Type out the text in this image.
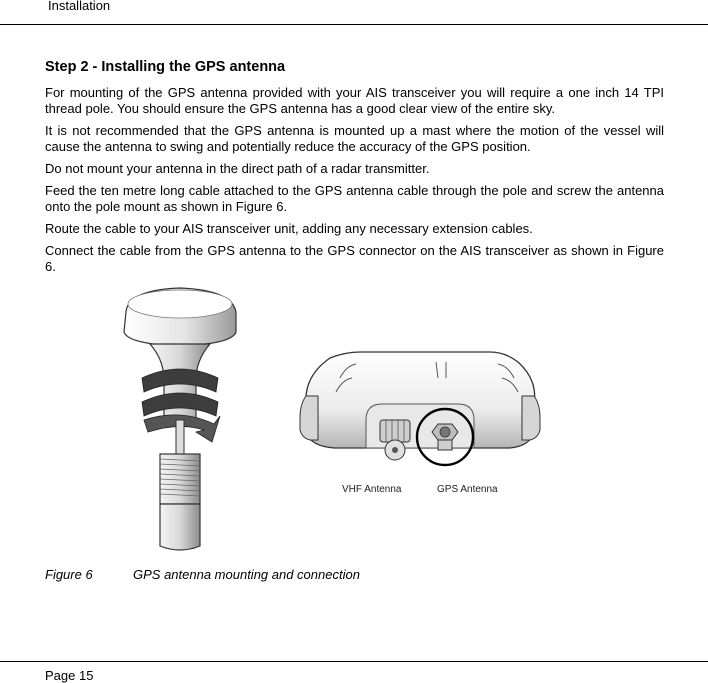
Installation
Step 2 - Installing the GPS antenna

For mounting of the GPS antenna provided with your AIS transceiver you will require a one inch 14 TPI thread pole. You should ensure the GPS antenna has a good clear view of the entire sky.

It is not recommended that the GPS antenna is mounted up a mast where the motion of the vessel will cause the antenna to swing and potentially reduce the accuracy of the GPS position.

Do not mount your antenna in the direct path of a radar transmitter.

Feed the ten metre long cable attached to the GPS antenna cable through the pole and screw the antenna onto the pole mount as shown in Figure 6.

Route the cable to your AIS transceiver unit, adding any necessary extension cables.

Connect the cable from the GPS antenna to the GPS connector on the AIS transceiver as shown in Figure 6.

VHF Antenna	GPS Antenna
Figure 6	GPS antenna mounting and connection
Page 15
